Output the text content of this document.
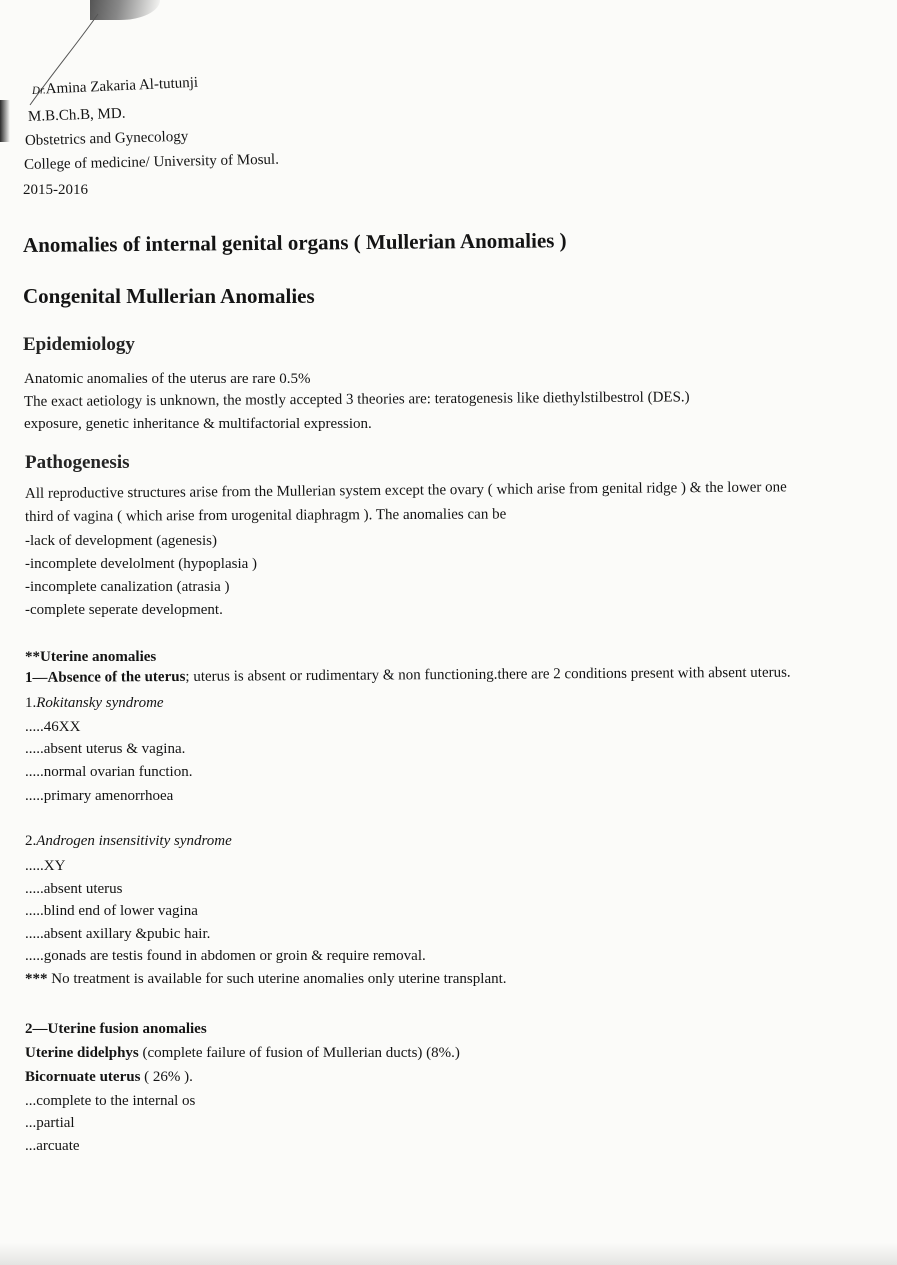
Dr.Amina Zakaria Al-tutunji
M.B.Ch.B, MD.
Obstetrics and Gynecology
College of medicine/ University of Mosul.
2015-2016
Anomalies of internal genital organs ( Mullerian Anomalies )
Congenital Mullerian Anomalies
Epidemiology
Anatomic anomalies of the uterus are rare 0.5%
The exact aetiology is unknown, the mostly accepted 3 theories are: teratogenesis like diethylstilbestrol (DES.)
exposure, genetic inheritance & multifactorial expression.
Pathogenesis
All reproductive structures arise from the Mullerian system except the ovary ( which arise from genital ridge ) & the lower one
third of vagina ( which arise from urogenital diaphragm ). The anomalies can be
-lack of development (agenesis)
-incomplete develolment (hypoplasia )
-incomplete canalization (atrasia )
-complete seperate development.
**Uterine anomalies
1—Absence of the uterus; uterus is absent or rudimentary & non functioning.there are 2 conditions present with absent uterus.
1.Rokitansky syndrome
.....46XX
.....absent uterus & vagina.
.....normal ovarian function.
.....primary amenorrhoea
2.Androgen insensitivity syndrome
.....XY
.....absent uterus
.....blind end of lower vagina
.....absent axillary &pubic hair.
.....gonads are testis found in abdomen or groin & require removal.
*** No treatment is available for such uterine anomalies only uterine transplant.
2—Uterine fusion anomalies
Uterine didelphys (complete failure of fusion of Mullerian ducts) (8%.)
Bicornuate uterus ( 26% ).
...complete to the internal os
...partial
...arcuate
